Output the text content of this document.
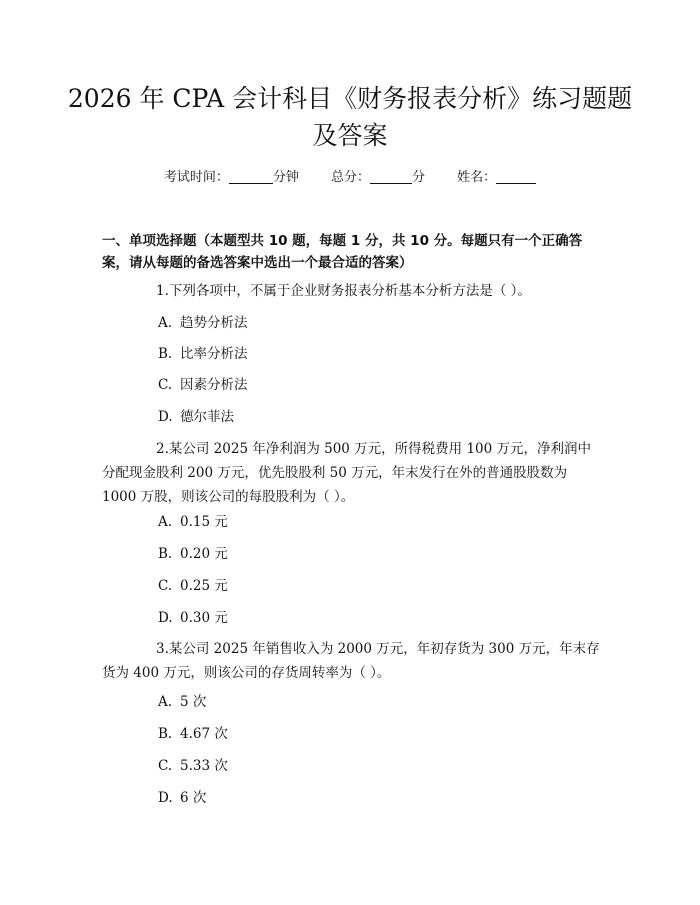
2026 年 CPA 会计科目《财务报表分析》练习题题及答案
考试时间：	分钟 总分：	分 姓名：
一、单项选择题（本题型共 10 题，每题 1 分，共 10 分。每题只有一个正确答案，请从每题的备选答案中选出一个最合适的答案）

1.下列各项中，不属于企业财务报表分析基本分析方法是（ ）。

A. 趋势分析法

B. 比率分析法

C. 因素分析法

D. 德尔菲法

2.某公司 2025 年净利润为 500 万元，所得税费用 100 万元，净利润中分配现金股利 200 万元，优先股股利 50 万元，年末发行在外的普通股股数为 1000 万股，则该公司的每股股利为（ ）。

A. 0.15 元

B. 0.20 元

C. 0.25 元

D. 0.30 元

3.某公司 2025 年销售收入为 2000 万元，年初存货为 300 万元，年末存货为 400 万元，则该公司的存货周转率为（ ）。

A. 5 次

B. 4.67 次

C. 5.33 次

D. 6 次
